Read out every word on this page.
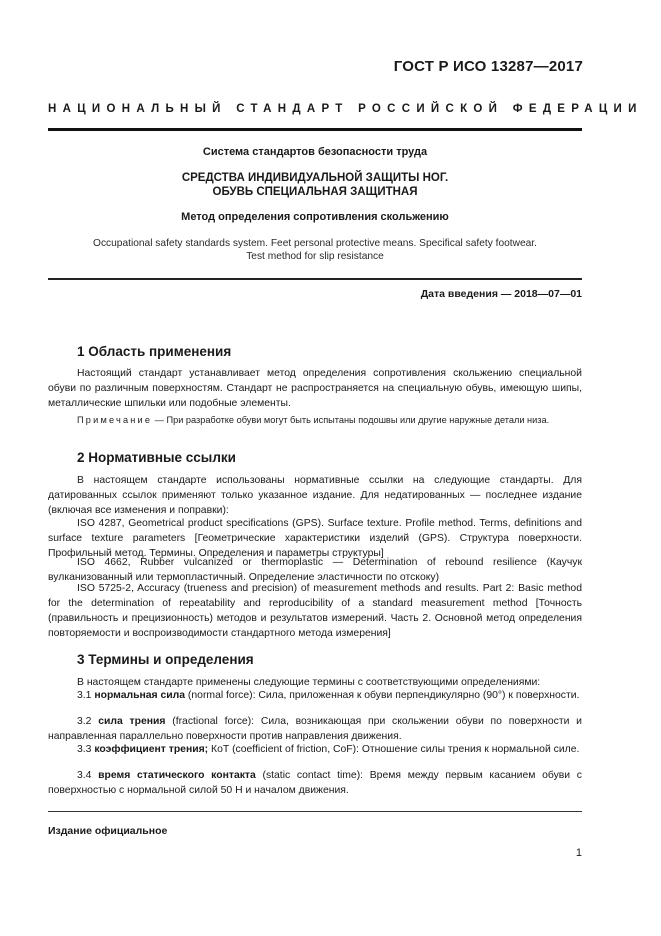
ГОСТ Р ИСО 13287—2017
НАЦИОНАЛЬНЫЙ СТАНДАРТ РОССИЙСКОЙ ФЕДЕРАЦИИ
Система стандартов безопасности труда
СРЕДСТВА ИНДИВИДУАЛЬНОЙ ЗАЩИТЫ НОГ.
ОБУВЬ СПЕЦИАЛЬНАЯ ЗАЩИТНАЯ
Метод определения сопротивления скольжению
Occupational safety standards system. Feet personal protective means. Specifical safety footwear.
Test method for slip resistance
Дата введения — 2018—07—01
1 Область применения

Настоящий стандарт устанавливает метод определения сопротивления скольжению специальной обуви по различным поверхностям. Стандарт не распространяется на специальную обувь, имеющую шипы, металлические шпильки или подобные элементы.

Примечание — При разработке обуви могут быть испытаны подошвы или другие наружные детали низа.
2 Нормативные ссылки

В настоящем стандарте использованы нормативные ссылки на следующие стандарты. Для датированных ссылок применяют только указанное издание. Для недатированных — последнее издание (включая все изменения и поправки):

ISO 4287, Geometrical product specifications (GPS). Surface texture. Profile method. Terms, definitions and surface texture parameters [Геометрические характеристики изделий (GPS). Структура поверхности. Профильный метод. Термины. Определения и параметры структуры]

ISO 4662, Rubber vulcanized or thermoplastic — Determination of rebound resilience (Каучук вулканизованный или термопластичный. Определение эластичности по отскоку)

ISO 5725-2, Accuracy (trueness and precision) of measurement methods and results. Part 2: Basic method for the determination of repeatability and reproducibility of a standard measurement method [Точность (правильность и прецизионность) методов и результатов измерений. Часть 2. Основной метод определения повторяемости и воспроизводимости стандартного метода измерения]

3 Термины и определения

В настоящем стандарте применены следующие термины с соответствующими определениями:

3.1 нормальная сила (normal force): Сила, приложенная к обуви перпендикулярно (90°) к поверхности.

3.2 сила трения (fractional force): Сила, возникающая при скольжении обуви по поверхности и направленная параллельно поверхности против направления движения.

3.3 коэффициент трения; КоТ (coefficient of friction, CoF): Отношение силы трения к нормальной силе.

3.4 время статического контакта (static contact time): Время между первым касанием обуви с поверхностью с нормальной силой 50 Н и началом движения.

Издание официальное
1
